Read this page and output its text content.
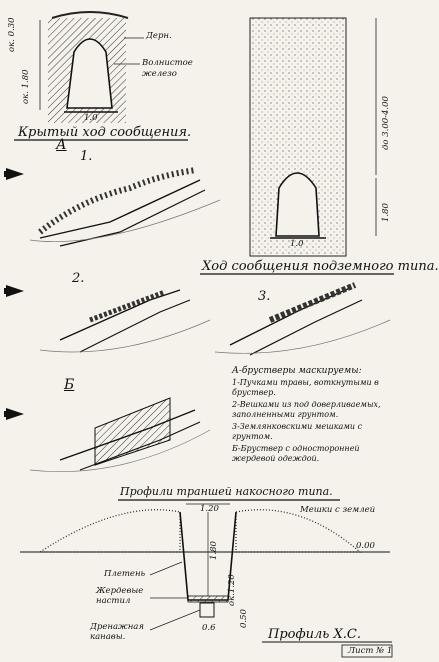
ок. 0.30
ок. 1.80
1.0
Дерн.
Волнистое железо
Крытый ход сообщения.	до 3.00-4.00
1.80
1.0
Ход сообщения подземного типа.
А
1.
2.
3.
Б
А-брустверы маскируемы:
1-Пучками травы, воткнутыми в бруствер.
2-Вешками из под доверливаемых, заполненными грунтом.
3-Землянковскими мешками с грунтом.
Б-Бруствер с односторонней жердевой одеждой.
Профили траншей накосного типа.
Мешки с землей
0.00
1.20
1.80
ок.1.20
0.50
0.6
Плетень
Жердевые настил
Дренажная канавы.	Профиль Х.С.
Лист № 1
